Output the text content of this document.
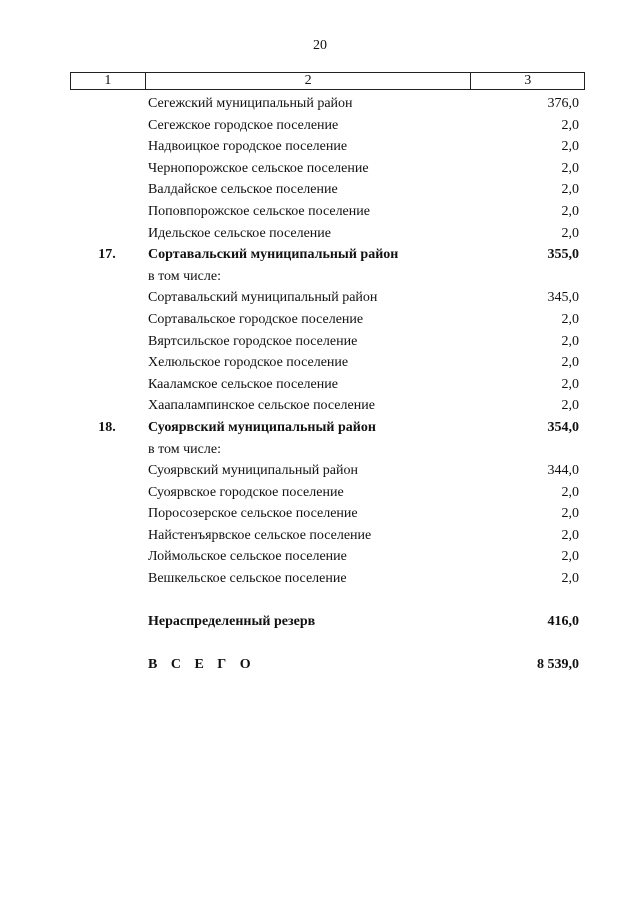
20
1	2	3
Сегежский муниципальный район	376,0
Сегежское городское поселение	2,0
Надвоицкое городское поселение	2,0
Чернопорожское сельское поселение	2,0
Валдайское сельское поселение	2,0
Поповпорожское сельское поселение	2,0
Идельское сельское поселение	2,0
17.	Сортавальский муниципальный район	355,0
в том числе:
Сортавальский муниципальный район	345,0
Сортавальское городское поселение	2,0
Вяртсильское городское поселение	2,0
Хелюльское городское поселение	2,0
Кааламское сельское поселение	2,0
Хаапалампинское сельское поселение	2,0
18.	Суоярвский муниципальный район	354,0
в том числе:
Суоярвский муниципальный район	344,0
Суоярвское городское поселение	2,0
Поросозерское сельское поселение	2,0
Найстенъярвское сельское поселение	2,0
Лоймольское сельское поселение	2,0
Вешкельское сельское поселение	2,0
Нераспределенный резерв	416,0
В С Е Г О	8 539,0
